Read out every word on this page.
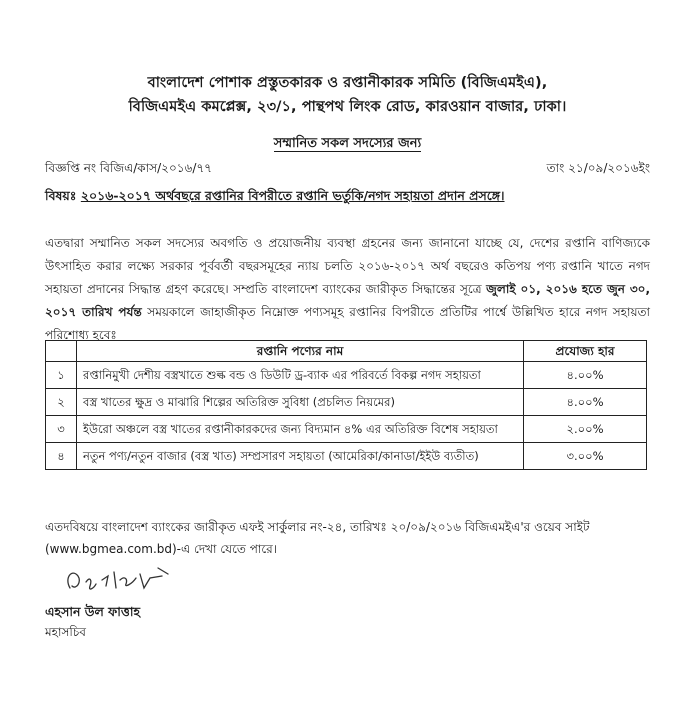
বাংলাদেশ পোশাক প্রস্তুতকারক ও রপ্তানীকারক সমিতি (বিজিএমইএ),
বিজিএমইএ কমপ্লেক্স, ২৩/১, পান্থপথ লিংক রোড, কারওয়ান বাজার, ঢাকা।
সম্মানিত সকল সদস্যের জন্য
বিজ্ঞপ্তি নং বিজিএ/কাস/২০১৬/৭৭	তাং ২১/০৯/২০১৬ইং
বিষয়ঃ ২০১৬-২০১৭ অর্থবছরে রপ্তানির বিপরীতে রপ্তানি ভর্তুকি/নগদ সহায়তা প্রদান প্রসঙ্গে।
এতদ্বারা সম্মানিত সকল সদস্যের অবগতি ও প্রয়োজনীয় ব্যবস্থা গ্রহনের জন্য জানানো যাচ্ছে যে, দেশের রপ্তানি বাণিজ্যকে উৎসাহিত করার লক্ষ্যে সরকার পূর্ববর্তী বছরসমূহের ন্যায় চলতি ২০১৬-২০১৭ অর্থ বছরেও কতিপয় পণ্য রপ্তানি খাতে নগদ সহায়তা প্রদানের সিদ্ধান্ত গ্রহণ করেছে। সম্প্রতি বাংলাদেশ ব্যাংকের জারীকৃত সিদ্ধান্তের সূত্রে জুলাই ০১, ২০১৬ হতে জুন ৩০, ২০১৭ তারিখ পর্যন্ত সময়কালে জাহাজীকৃত নিম্নোক্ত পণ্যসমূহ রপ্তানির বিপরীতে প্রতিটির পার্শ্বে উল্লিখিত হারে নগদ সহায়তা পরিশোধ্য হবেঃ
	রপ্তানি পণ্যের নাম	প্রযোজ্য হার
১	রপ্তানিমুখী দেশীয় বস্ত্রখাতে শুল্ক বন্ড ও ডিউটি ড্র-ব্যাক এর পরিবর্তে বিকল্প নগদ সহায়তা	৪.০০%
২	বস্ত্র খাতের ক্ষুদ্র ও মাঝারি শিল্পের অতিরিক্ত সুবিধা (প্রচলিত নিয়মের)	৪.০০%
৩	ইউরো অঞ্চলে বস্ত্র খাতের রপ্তানীকারকদের জন্য বিদ্যমান ৪% এর অতিরিক্ত বিশেষ সহায়তা	২.০০%
৪	নতুন পণ্য/নতুন বাজার (বস্ত্র খাত) সম্প্রসারণ সহায়তা (আমেরিকা/কানাডা/ইইউ ব্যতীত)	৩.০০%
এতদবিষয়ে বাংলাদেশ ব্যাংকের জারীকৃত এফই সার্কুলার নং-২৪, তারিখঃ ২০/০৯/২০১৬ বিজিএমইএ'র ওয়েব সাইট (www.bgmea.com.bd)-এ দেখা যেতে পারে।
এহসান উল ফাত্তাহ
মহাসচিব
